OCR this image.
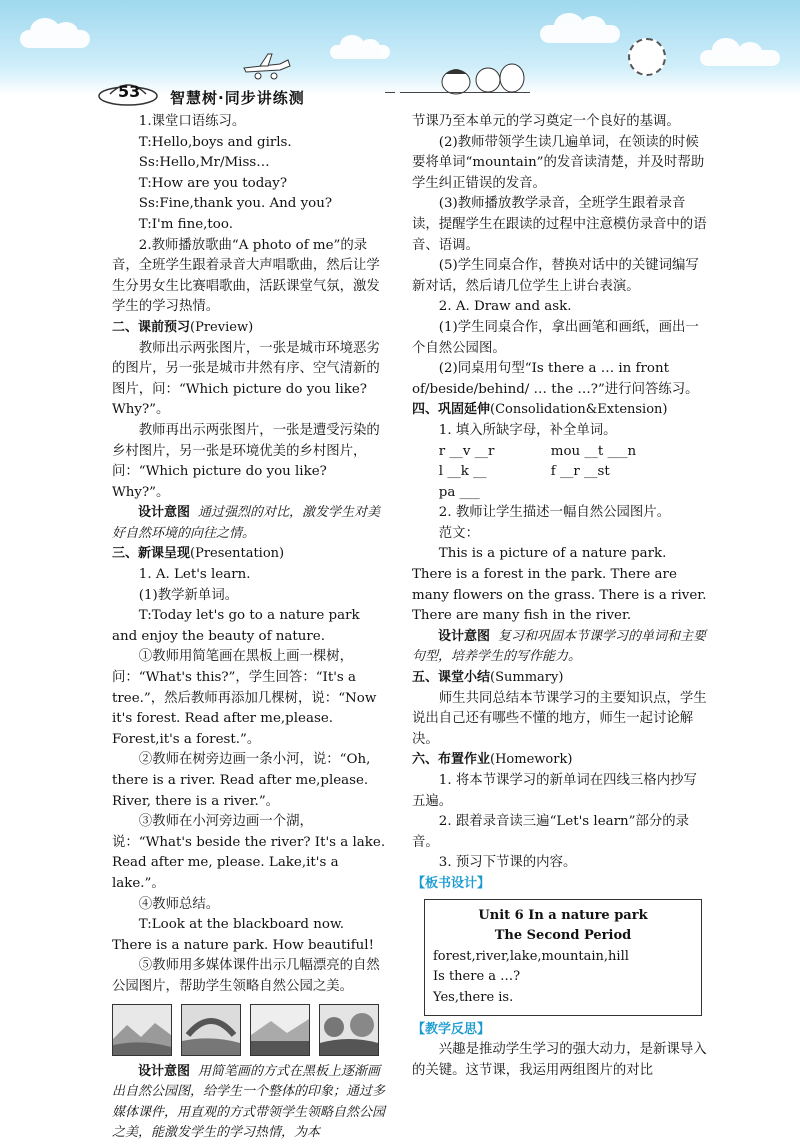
53 智慧树·同步讲练测

1.课堂口语练习。

T:Hello,boys and girls.

Ss:Hello,Mr/Miss…

T:How are you today?

Ss:Fine,thank you. And you?

T:I'm fine,too.

2.教师播放歌曲“A photo of me”的录音，全班学生跟着录音大声唱歌曲，然后让学生分男女生比赛唱歌曲，活跃课堂气氛，激发学生的学习热情。

二、课前预习(Preview)

教师出示两张图片，一张是城市环境恶劣的图片，另一张是城市井然有序、空气清新的图片，问：“Which picture do you like? Why?”。

教师再出示两张图片，一张是遭受污染的乡村图片，另一张是环境优美的乡村图片，问：“Which picture do you like? Why?”。

设计意图 通过强烈的对比，激发学生对美好自然环境的向往之情。

三、新课呈现(Presentation)

1. A. Let's learn.

(1)教学新单词。

T:Today let's go to a nature park and enjoy the beauty of nature.

①教师用简笔画在黑板上画一棵树，问：“What's this?”，学生回答：“It's a tree.”，然后教师再添加几棵树，说：“Now it's forest. Read after me,please. Forest,it's a forest.”。

②教师在树旁边画一条小河，说：“Oh, there is a river. Read after me,please. River, there is a river.”。

③教师在小河旁边画一个湖，说：“What's beside the river? It's a lake. Read after me, please. Lake,it's a lake.”。

④教师总结。

T:Look at the blackboard now. There is a nature park. How beautiful!

⑤教师用多媒体课件出示几幅漂亮的自然公园图片，帮助学生领略自然公园之美。

设计意图 用简笔画的方式在黑板上逐渐画出自然公园图，给学生一个整体的印象；通过多媒体课件，用直观的方式带领学生领略自然公园之美，能激发学生的学习热情，为本

节课乃至本单元的学习奠定一个良好的基调。

(2)教师带领学生读几遍单词，在领读的时候要将单词“mountain”的发音读清楚，并及时帮助学生纠正错误的发音。

(3)教师播放教学录音，全班学生跟着录音读，提醒学生在跟读的过程中注意模仿录音中的语音、语调。

(5)学生同桌合作，替换对话中的关键词编写新对话，然后请几位学生上讲台表演。

2. A. Draw and ask.

(1)学生同桌合作，拿出画笔和画纸，画出一个自然公园图。

(2)同桌用句型“Is there a … in front of/beside/behind/ … the …?”进行问答练习。

四、巩固延伸(Consolidation&Extension)

1. 填入所缺字母，补全单词。

r __v __r	mou __t ___n
l __k __	f __r __st
pa ___

2. 教师让学生描述一幅自然公园图片。

范文：

This is a picture of a nature park. There is a forest in the park. There are many flowers on the grass. There is a river. There are many fish in the river.

设计意图 复习和巩固本节课学习的单词和主要句型，培养学生的写作能力。

五、课堂小结(Summary)

师生共同总结本节课学习的主要知识点，学生说出自己还有哪些不懂的地方，师生一起讨论解决。

六、布置作业(Homework)

1. 将本节课学习的新单词在四线三格内抄写五遍。

2. 跟着录音读三遍“Let's learn”部分的录音。

3. 预习下节课的内容。

【板书设计】

Unit 6 In a nature park
The Second Period
forest,river,lake,mountain,hill
Is there a …?
Yes,there is.

【教学反思】

兴趣是推动学生学习的强大动力，是新课导入的关键。这节课，我运用两组图片的对比
